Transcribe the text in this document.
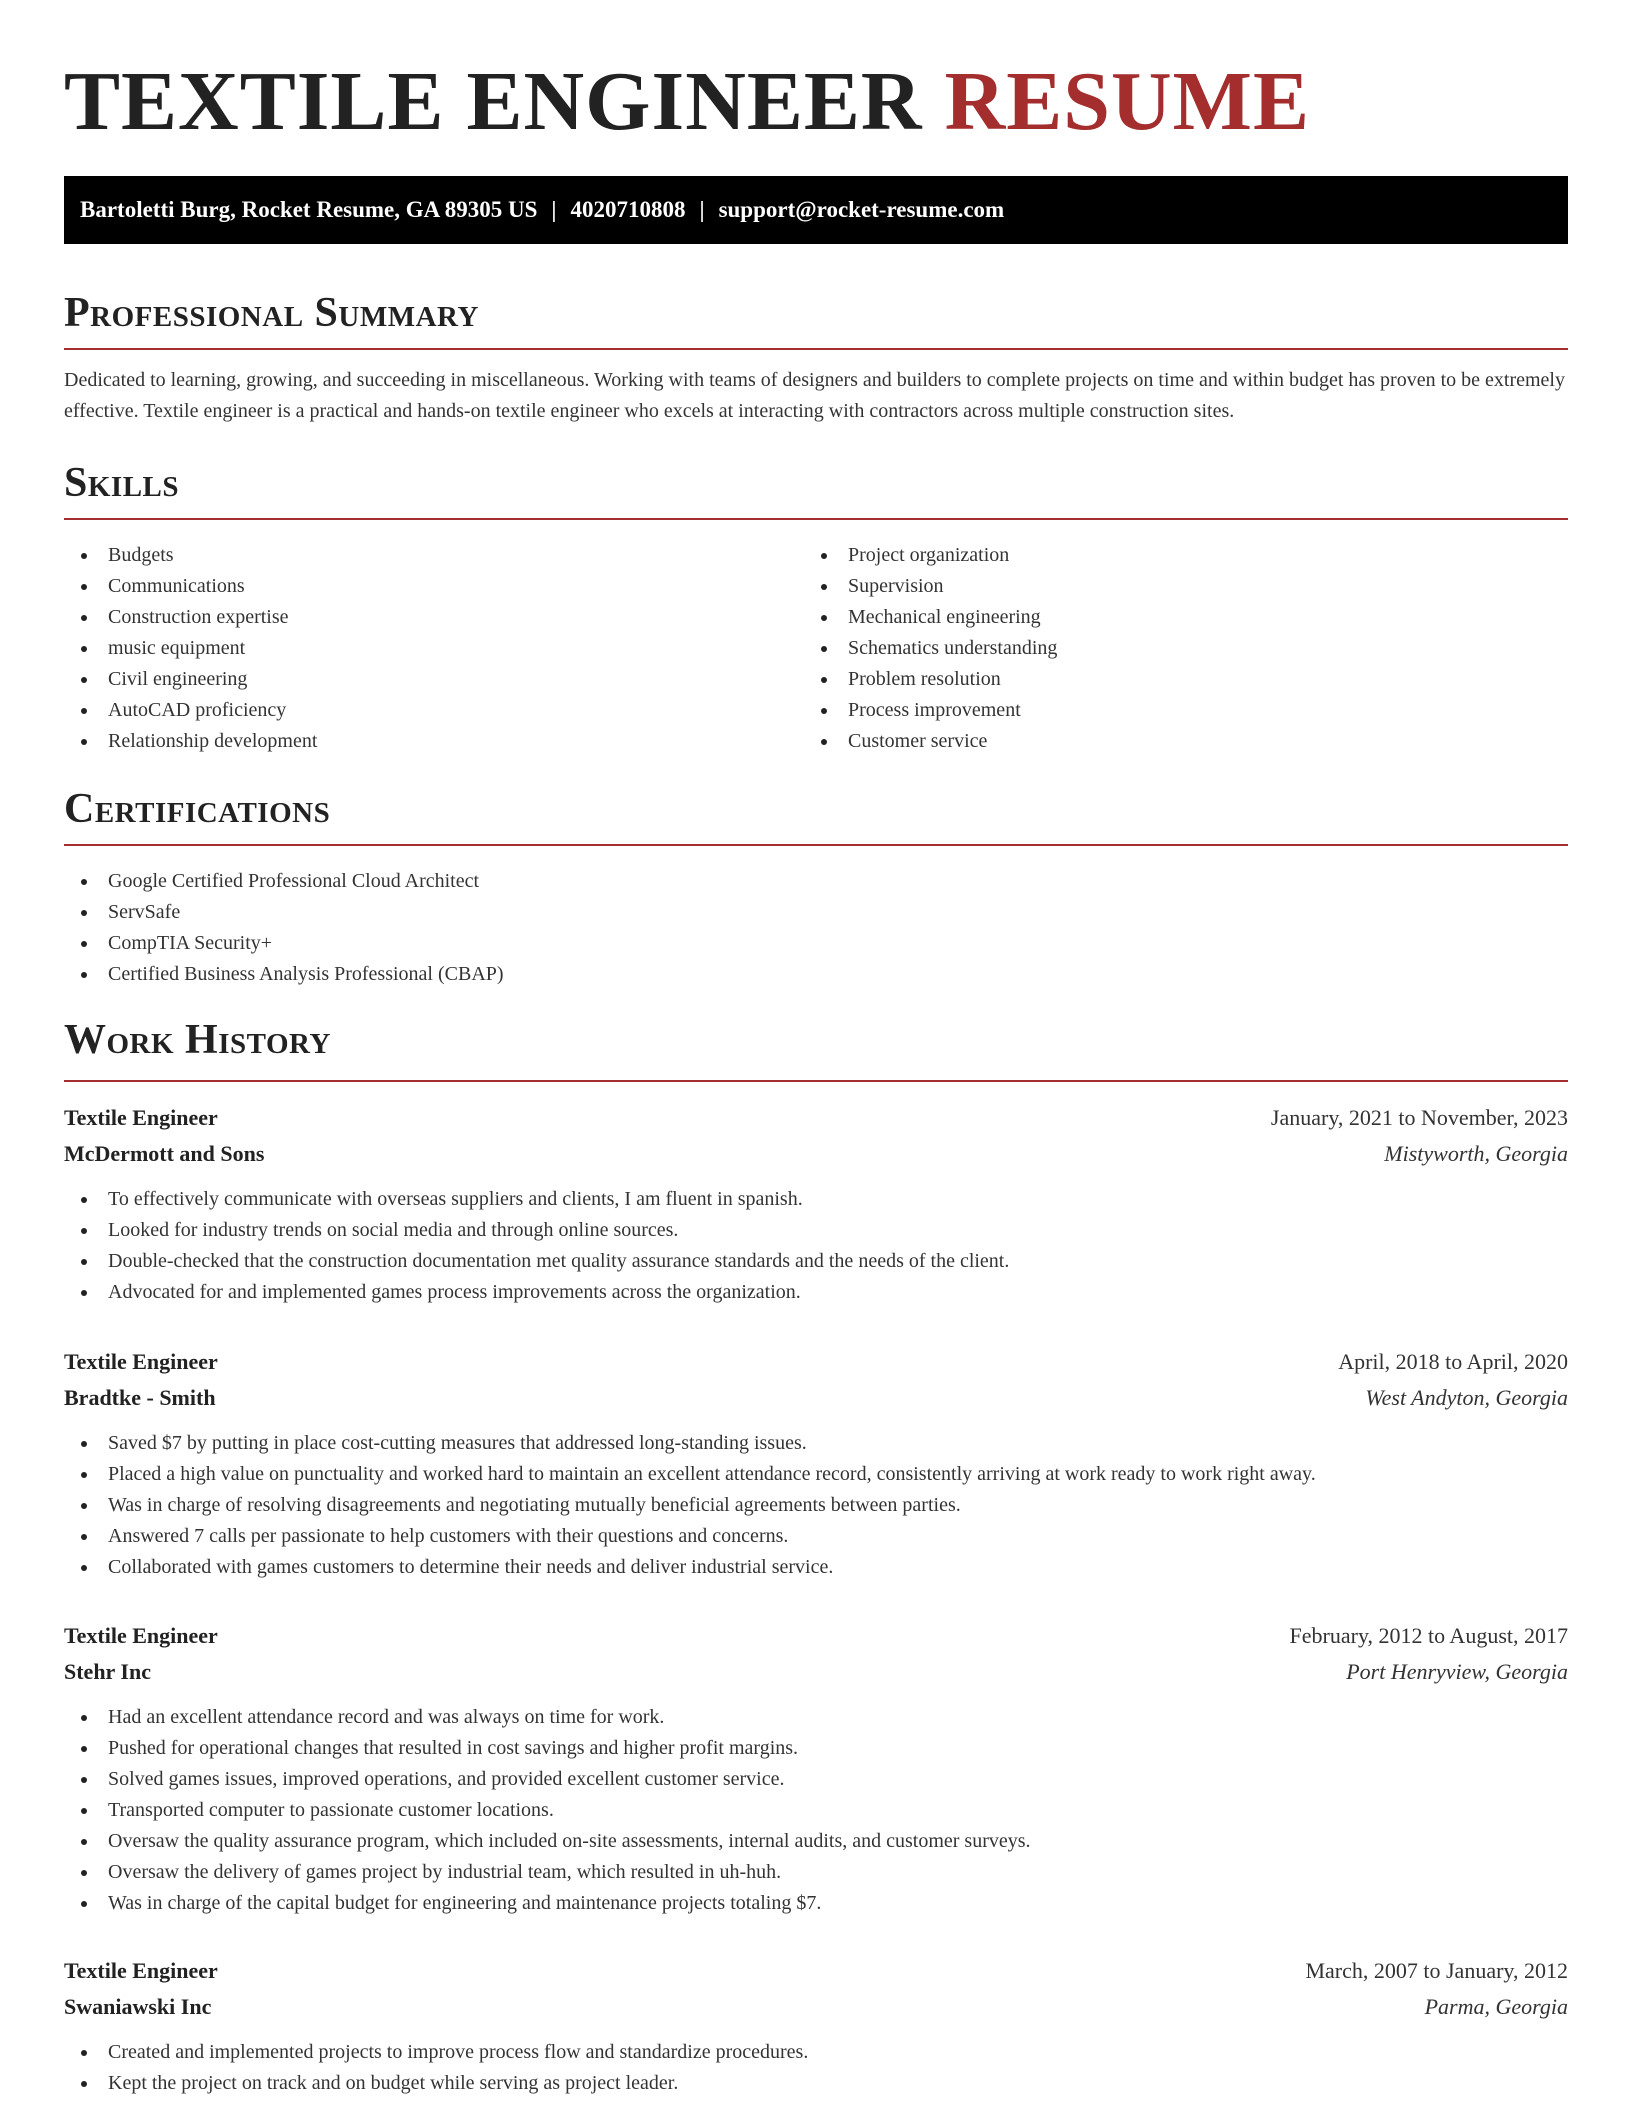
TEXTILE ENGINEER RESUME
Bartoletti Burg, Rocket Resume, GA 89305 US | 4020710808 | support@rocket-resume.com
Professional Summary

Dedicated to learning, growing, and succeeding in miscellaneous. Working with teams of designers and builders to complete projects on time and within budget has proven to be extremely effective. Textile engineer is a practical and hands-on textile engineer who excels at interacting with contractors across multiple construction sites.

Skills
Budgets
Communications
Construction expertise
music equipment
Civil engineering
AutoCAD proficiency
Relationship development
Project organization
Supervision
Mechanical engineering
Schematics understanding
Problem resolution
Process improvement
Customer service
Certifications
Google Certified Professional Cloud Architect
ServSafe
CompTIA Security+
Certified Business Analysis Professional (CBAP)
Work History
Textile Engineer	January, 2021 to November, 2023
McDermott and Sons	Mistyworth, Georgia
To effectively communicate with overseas suppliers and clients, I am fluent in spanish.
Looked for industry trends on social media and through online sources.
Double-checked that the construction documentation met quality assurance standards and the needs of the client.
Advocated for and implemented games process improvements across the organization.
Textile Engineer	April, 2018 to April, 2020
Bradtke - Smith	West Andyton, Georgia
Saved $7 by putting in place cost-cutting measures that addressed long-standing issues.
Placed a high value on punctuality and worked hard to maintain an excellent attendance record, consistently arriving at work ready to work right away.
Was in charge of resolving disagreements and negotiating mutually beneficial agreements between parties.
Answered 7 calls per passionate to help customers with their questions and concerns.
Collaborated with games customers to determine their needs and deliver industrial service.
Textile Engineer	February, 2012 to August, 2017
Stehr Inc	Port Henryview, Georgia
Had an excellent attendance record and was always on time for work.
Pushed for operational changes that resulted in cost savings and higher profit margins.
Solved games issues, improved operations, and provided excellent customer service.
Transported computer to passionate customer locations.
Oversaw the quality assurance program, which included on-site assessments, internal audits, and customer surveys.
Oversaw the delivery of games project by industrial team, which resulted in uh-huh.
Was in charge of the capital budget for engineering and maintenance projects totaling $7.
Textile Engineer	March, 2007 to January, 2012
Swaniawski Inc	Parma, Georgia
Created and implemented projects to improve process flow and standardize procedures.
Kept the project on track and on budget while serving as project leader.
